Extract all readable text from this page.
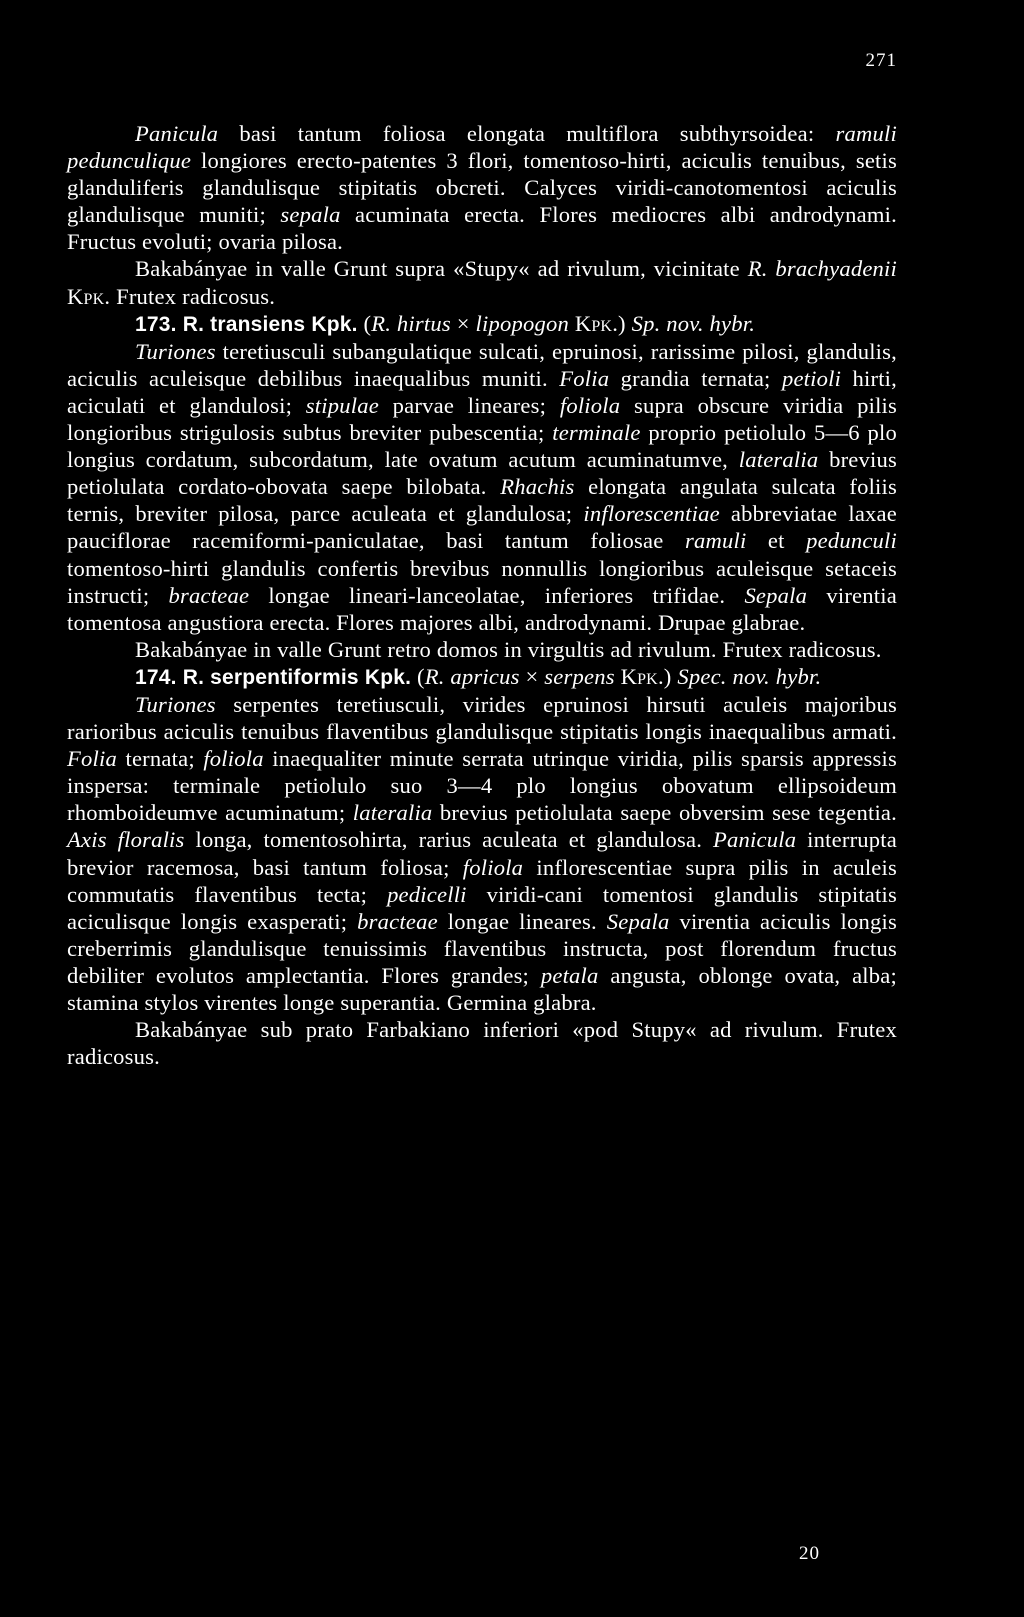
271

Panicula basi tantum foliosa elongata multiflora subthyrsoidea: ramuli pedunculique longiores erecto-patentes 3 flori, tomentoso-hirti, aciculis tenuibus, setis glanduliferis glandulisque stipitatis obcreti. Calyces viridi-canotomentosi aciculis glandulisque muniti; sepala acuminata erecta. Flores mediocres albi androdynami. Fructus evoluti; ovaria pilosa.

Bakabányae in valle Grunt supra «Stupy« ad rivulum, vicinitate R. brachyadenii Kpk. Frutex radicosus.

173. R. transiens Kpk. (R. hirtus × lipopogon Kpk.) Sp. nov. hybr.

Turiones teretiusculi subangulatique sulcati, epruinosi, rarissime pilosi, glandulis, aciculis aculeisque debilibus inaequalibus muniti. Folia grandia ternata; petioli hirti, aciculati et glandulosi; stipulae parvae lineares; foliola supra obscure viridia pilis longioribus strigulosis subtus breviter pubescentia; terminale proprio petiolulo 5—6 plo longius cordatum, subcordatum, late ovatum acutum acuminatumve, lateralia brevius petiolulata cordato-obovata saepe bilobata. Rhachis elongata angulata sulcata foliis ternis, breviter pilosa, parce aculeata et glandulosa; inflorescentiae abbreviatae laxae pauciflorae racemiformi-paniculatae, basi tantum foliosae ramuli et pedunculi tomentoso-hirti glandulis confertis brevibus nonnullis longioribus aculeisque setaceis instructi; bracteae longae lineari-lanceolatae, inferiores trifidae. Sepala virentia tomentosa angustiora erecta. Flores majores albi, androdynami. Drupae glabrae.

Bakabányae in valle Grunt retro domos in virgultis ad rivulum. Frutex radicosus.

174. R. serpentiformis Kpk. (R. apricus × serpens Kpk.) Spec. nov. hybr.

Turiones serpentes teretiusculi, virides epruinosi hirsuti aculeis majoribus rarioribus aciculis tenuibus flaventibus glandulisque stipitatis longis inaequalibus armati. Folia ternata; foliola inaequaliter minute serrata utrinque viridia, pilis sparsis appressis inspersa: terminale petiolulo suo 3—4 plo longius obovatum ellipsoideum rhomboideumve acuminatum; lateralia brevius petiolulata saepe obversim sese tegentia. Axis floralis longa, tomentosohirta, rarius aculeata et glandulosa. Panicula interrupta brevior racemosa, basi tantum foliosa; foliola inflorescentiae supra pilis in aculeis commutatis flaventibus tecta; pedicelli viridi-cani tomentosi glandulis stipitatis aciculisque longis exasperati; bracteae longae lineares. Sepala virentia aciculis longis creberrimis glandulisque tenuissimis flaventibus instructa, post florendum fructus debiliter evolutos amplectantia. Flores grandes; petala angusta, oblonge ovata, alba; stamina stylos virentes longe superantia. Germina glabra.

Bakabányae sub prato Farbakiano inferiori «pod Stupy« ad rivulum. Frutex radicosus.

20
